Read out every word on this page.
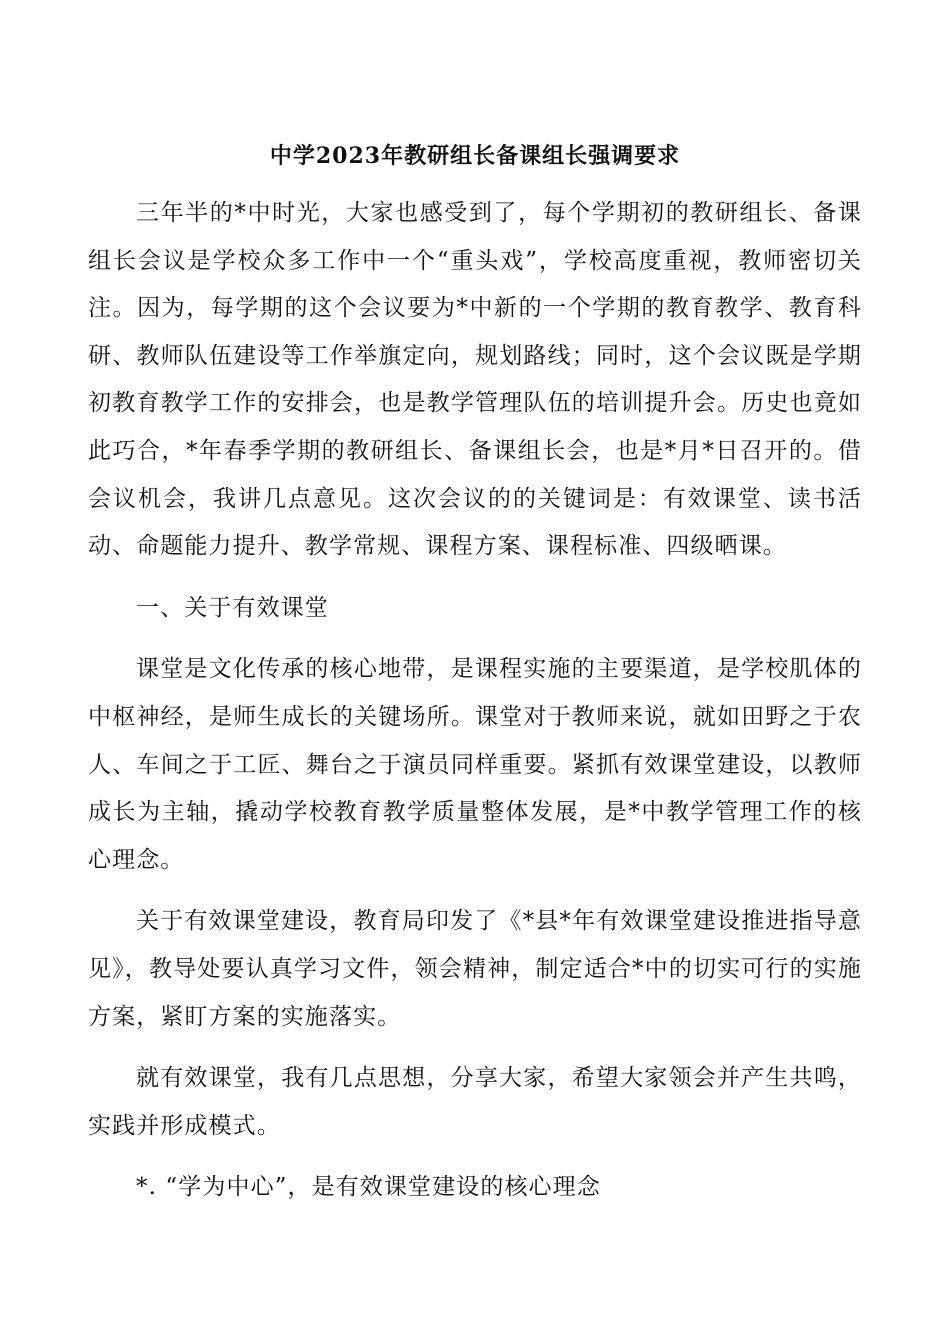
中学2023年教研组长备课组长强调要求

三年半的*中时光，大家也感受到了，每个学期初的教研组长、备课组长会议是学校众多工作中一个“重头戏”，学校高度重视，教师密切关注。因为，每学期的这个会议要为*中新的一个学期的教育教学、教育科研、教师队伍建设等工作举旗定向，规划路线；同时，这个会议既是学期初教育教学工作的安排会，也是教学管理队伍的培训提升会。历史也竟如此巧合，*年春季学期的教研组长、备课组长会，也是*月*日召开的。借会议机会，我讲几点意见。这次会议的的关键词是：有效课堂、读书活动、命题能力提升、教学常规、课程方案、课程标准、四级晒课。

一、关于有效课堂

课堂是文化传承的核心地带，是课程实施的主要渠道，是学校肌体的中枢神经，是师生成长的关键场所。课堂对于教师来说，就如田野之于农人、车间之于工匠、舞台之于演员同样重要。紧抓有效课堂建设，以教师成长为主轴，撬动学校教育教学质量整体发展，是*中教学管理工作的核心理念。

关于有效课堂建设，教育局印发了《*县*年有效课堂建设推进指导意见》，教导处要认真学习文件，领会精神，制定适合*中的切实可行的实施方案，紧盯方案的实施落实。

就有效课堂，我有几点思想，分享大家，希望大家领会并产生共鸣，实践并形成模式。

*. “学为中心”，是有效课堂建设的核心理念
